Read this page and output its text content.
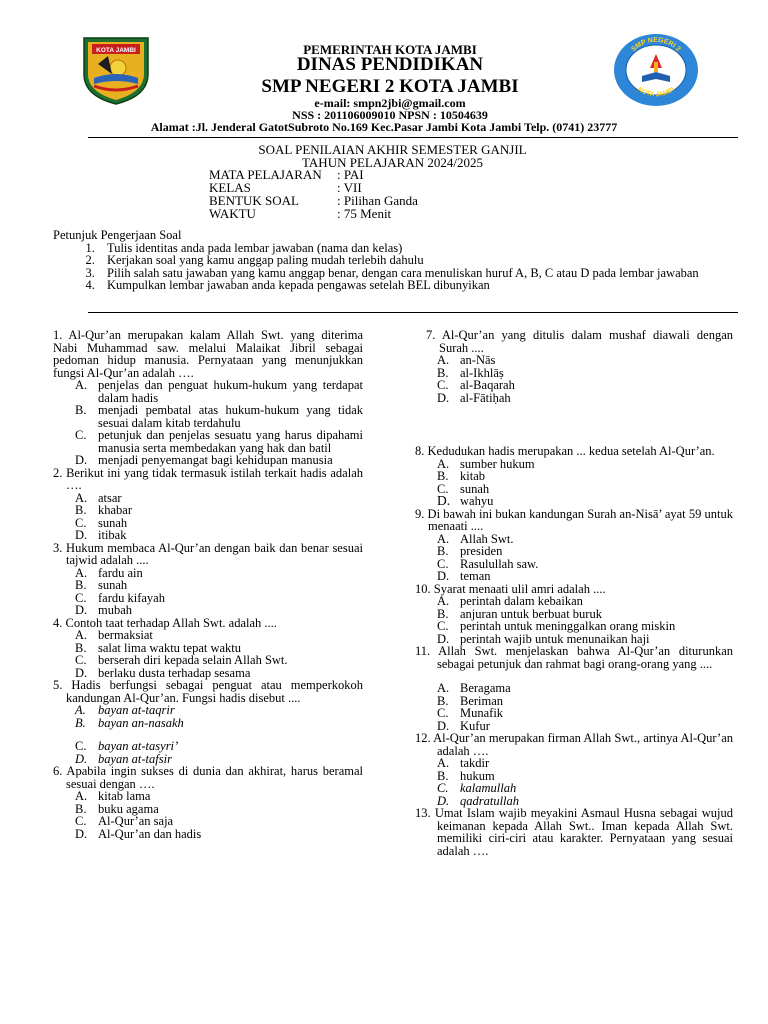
KOTA JAMBI	PEMERINTAH KOTA JAMBI
DINAS PENDIDIKAN
SMP NEGERI 2 KOTA JAMBI
e-mail: smpn2jbi@gmail.com
NSS : 201106009010 NPSN : 10504639
Alamat :Jl. Jenderal GatotSubroto No.169 Kec.Pasar Jambi Kota Jambi Telp. (0741) 23777
SMP NEGERI 2
KOTA JAMBI
SOAL PENILAIAN AKHIR SEMESTER GANJIL
TAHUN PELAJARAN 2024/2025
MATA PELAJARAN : PAI
KELAS	: VII
BENTUK SOAL	: Pilihan Ganda
WAKTU	: 75 Menit
Petunjuk Pengerjaan Soal
1. Tulis identitas anda pada lembar jawaban (nama dan kelas)
2. Kerjakan soal yang kamu anggap paling mudah terlebih dahulu
3. Pilih salah satu jawaban yang kamu anggap benar, dengan cara menuliskan huruf A, B, C atau D pada lembar jawaban
4. Kumpulkan lembar jawaban anda kepada pengawas setelah BEL dibunyikan

1. Al-Qur’an merupakan kalam Allah Swt. yang diterima Nabi Muhammad saw. melalui Malaikat Jibril sebagai pedoman hidup manusia. Pernyataan yang menunjukkan fungsi Al-Qur’an adalah ….

A. penjelas dan penguat hukum-hukum yang terdapat dalam hadis
B. menjadi pembatal atas hukum-hukum yang tidak sesuai dalam kitab terdahulu
C. petunjuk dan penjelas sesuatu yang harus dipahami manusia serta membedakan yang hak dan batil
D. menjadi penyemangat bagi kehidupan manusia

2. Berikut ini yang tidak termasuk istilah terkait hadis adalah ….

A. atsar
B. khabar
C. sunah
D. itibak

3. Hukum membaca Al-Qur’an dengan baik dan benar sesuai tajwid adalah ....

A. fardu ain
B. sunah
C. fardu kifayah
D. mubah

4. Contoh taat terhadap Allah Swt. adalah ....

A. bermaksiat
B. salat lima waktu tepat waktu
C. berserah diri kepada selain Allah Swt.
D. berlaku dusta terhadap sesama

5. Hadis berfungsi sebagai penguat atau memperkokoh kandungan Al-Qur’an. Fungsi hadis disebut ....

A. bayan at-taqrir
B. bayan an-nasakh
C. bayan at-tasyri’
D. bayan at-tafsir

6. Apabila ingin sukses di dunia dan akhirat, harus beramal sesuai dengan ….

A. kitab lama
B. buku agama
C. Al-Qur’an saja
D. Al-Qur’an dan hadis

7. Al-Qur’an yang ditulis dalam mushaf diawali dengan Surah ....

A. an-Nās
B. al-Ikhlāṣ
C. al-Baqarah
D. al-Fātiḥah

8. Kedudukan hadis merupakan ... kedua setelah Al-Qur’an.

A. sumber hukum
B. kitab
C. sunah
D. wahyu

9. Di bawah ini bukan kandungan Surah an-Nisā’ ayat 59 untuk menaati ....

A. Allah Swt.
B. presiden
C. Rasulullah saw.
D. teman

10. Syarat menaati ulil amri adalah ....

A. perintah dalam kebaikan
B. anjuran untuk berbuat buruk
C. perintah untuk meninggalkan orang miskin
D. perintah wajib untuk menunaikan haji

11. Allah Swt. menjelaskan bahwa Al-Qur’an diturunkan sebagai petunjuk dan rahmat bagi orang-orang yang ....

A. Beragama
B. Beriman
C. Munafik
D. Kufur

12. Al-Qur’an merupakan firman Allah Swt., artinya Al-Qur’an adalah ….

A. takdir
B. hukum
C. kalamullah
D. qadratullah

13. Umat Islam wajib meyakini Asmaul Husna sebagai wujud keimanan kepada Allah Swt.. Iman kepada Allah Swt. memiliki ciri-ciri atau karakter. Pernyataan yang sesuai adalah ….
